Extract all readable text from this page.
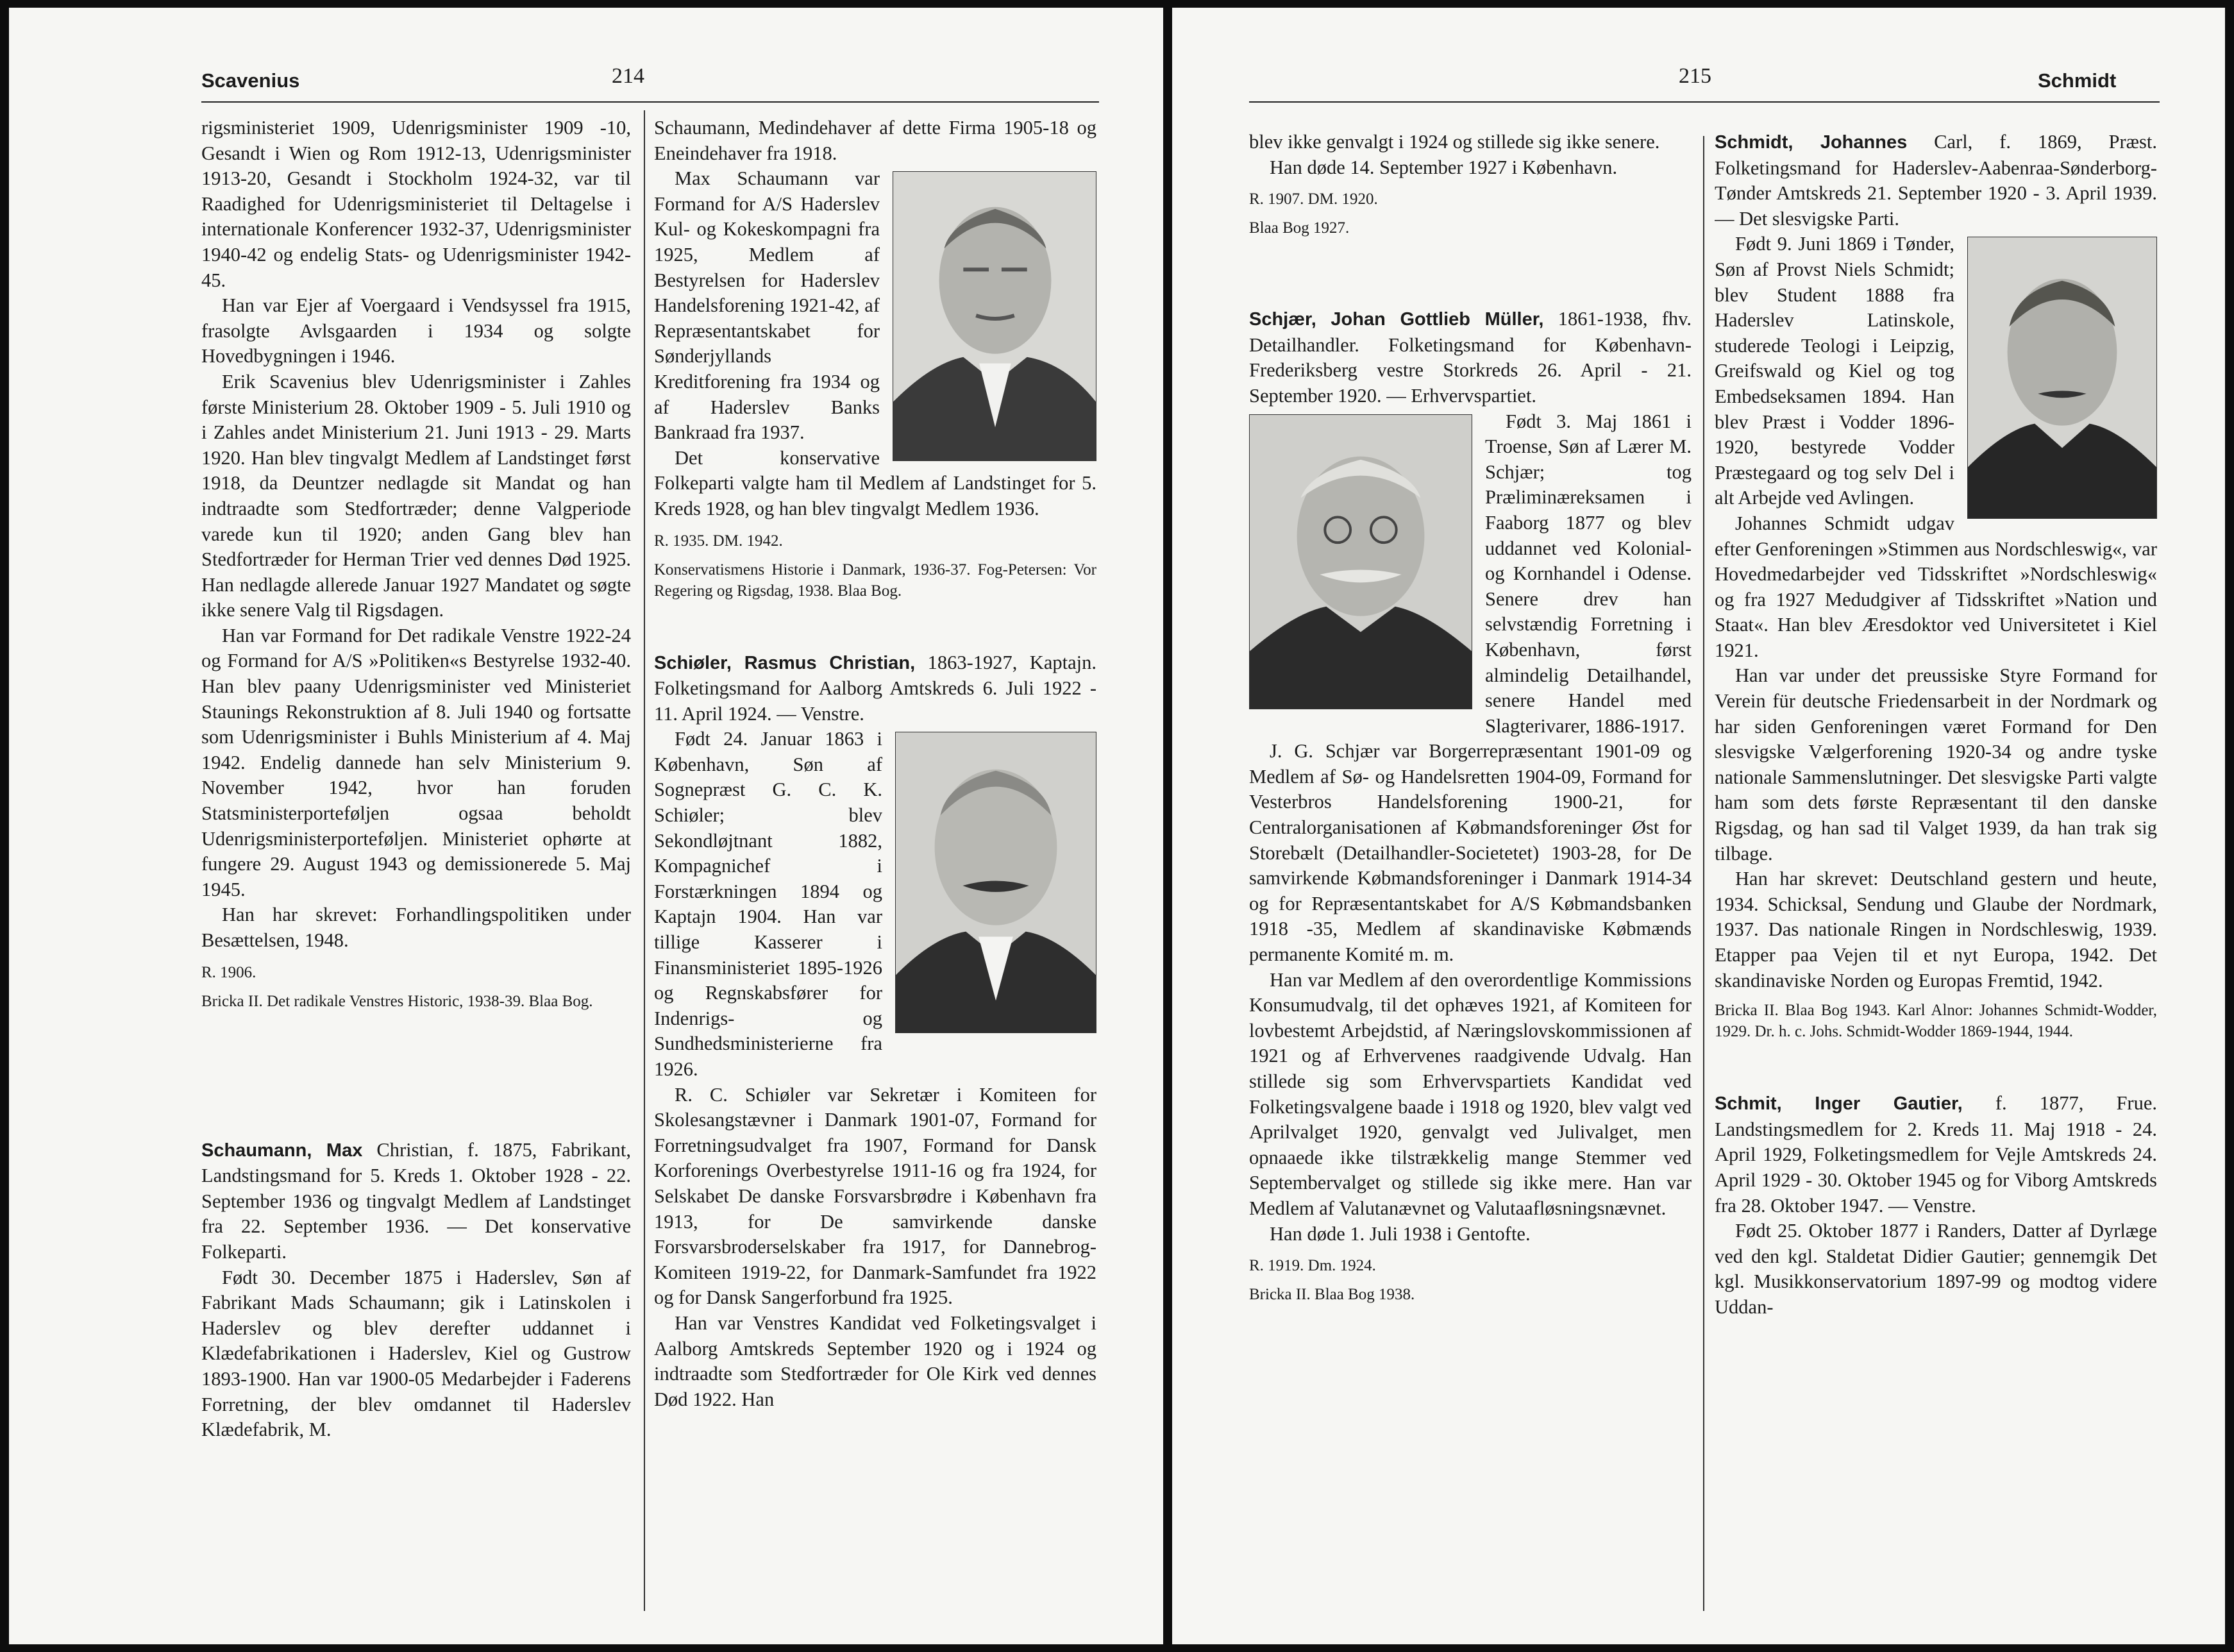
Scavenius	214

rigsministeriet 1909, Udenrigsminister 1909 -10, Gesandt i Wien og Rom 1912-13, Udenrigsminister 1913-20, Gesandt i Stockholm 1924-32, var til Raadighed for Udenrigsministeriet til Deltagelse i internationale Konferencer 1932-37, Udenrigsminister 1940-42 og endelig Stats- og Udenrigsminister 1942-45.

Han var Ejer af Voergaard i Vendsyssel fra 1915, frasolgte Avlsgaarden i 1934 og solgte Hovedbygningen i 1946.

Erik Scavenius blev Udenrigsminister i Zahles første Ministerium 28. Oktober 1909 - 5. Juli 1910 og i Zahles andet Ministerium 21. Juni 1913 - 29. Marts 1920. Han blev tingvalgt Medlem af Landstinget først 1918, da Deuntzer nedlagde sit Mandat og han indtraadte som Stedfortræder; denne Valgperiode varede kun til 1920; anden Gang blev han Stedfortræder for Herman Trier ved dennes Død 1925. Han nedlagde allerede Januar 1927 Mandatet og søgte ikke senere Valg til Rigsdagen.

Han var Formand for Det radikale Venstre 1922-24 og Formand for A/S »Politiken«s Bestyrelse 1932-40. Han blev paany Udenrigsminister ved Ministeriet Staunings Rekonstruktion af 8. Juli 1940 og fortsatte som Udenrigsminister i Buhls Ministerium af 4. Maj 1942. Endelig dannede han selv Ministerium 9. November 1942, hvor han foruden Statsministerporteføljen ogsaa beholdt Udenrigsministerporteføljen. Ministeriet ophørte at fungere 29. August 1943 og demissionerede 5. Maj 1945.

Han har skrevet: Forhandlingspolitiken under Besættelsen, 1948.

R. 1906.

Bricka II. Det radikale Venstres Historic, 1938-39. Blaa Bog.

Schaumann, Max Christian, f. 1875, Fabrikant, Landstingsmand for 5. Kreds 1. Oktober 1928 - 22. September 1936 og tingvalgt Medlem af Landstinget fra 22. September 1936. — Det konservative Folkeparti.

Født 30. December 1875 i Haderslev, Søn af Fabrikant Mads Schaumann; gik i Latinskolen i Haderslev og blev derefter uddannet i Klædefabrikationen i Haderslev, Kiel og Gustrow 1893-1900. Han var 1900-05 Medarbejder i Faderens Forretning, der blev omdannet til Haderslev Klædefabrik, M.

Schaumann, Medindehaver af dette Firma 1905-18 og Eneindehaver fra 1918.

Max Schaumann var Formand for A/S Haderslev Kul- og Kokeskompagni fra 1925, Medlem af Bestyrelsen for Haderslev Handelsforening 1921-42, af Repræsentantskabet for Sønderjyllands Kreditforening fra 1934 og af Haderslev Banks Bankraad fra 1937.

Det konservative Folkeparti valgte ham til Medlem af Landstinget for 5. Kreds 1928, og han blev tingvalgt Medlem 1936.

R. 1935. DM. 1942.

Konservatismens Historie i Danmark, 1936-37. Fog-Petersen: Vor Regering og Rigsdag, 1938. Blaa Bog.

Schiøler, Rasmus Christian, 1863-1927, Kaptajn. Folketingsmand for Aalborg Amtskreds 6. Juli 1922 - 11. April 1924. — Venstre.

Født 24. Januar 1863 i København, Søn af Sognepræst G. C. K. Schiøler; blev Sekondløjtnant 1882, Kompagnichef i Forstærkningen 1894 og Kaptajn 1904. Han var tillige Kasserer i Finansministeriet 1895-1926 og Regnskabsfører for Indenrigs- og Sundhedsministerierne fra 1926.

R. C. Schiøler var Sekretær i Komiteen for Skolesangstævner i Danmark 1901-07, Formand for Forretningsudvalget fra 1907, Formand for Dansk Korforenings Overbestyrelse 1911-16 og fra 1924, for Selskabet De danske Forsvarsbrødre i København fra 1913, for De samvirkende danske Forsvarsbroderselskaber fra 1917, for Dannebrog-Komiteen 1919-22, for Danmark-Samfundet fra 1922 og for Dansk Sangerforbund fra 1925.

Han var Venstres Kandidat ved Folketingsvalget i Aalborg Amtskreds September 1920 og i 1924 og indtraadte som Stedfortræder for Ole Kirk ved dennes Død 1922. Han

215	Schmidt

blev ikke genvalgt i 1924 og stillede sig ikke senere.

Han døde 14. September 1927 i København.

R. 1907. DM. 1920.

Blaa Bog 1927.

Schjær, Johan Gottlieb Müller, 1861-1938, fhv. Detailhandler. Folketingsmand for København-Frederiksberg vestre Storkreds 26. April - 21. September 1920. — Erhvervspartiet.

Født 3. Maj 1861 i Troense, Søn af Lærer M. Schjær; tog Præliminæreksamen i Faaborg 1877 og blev uddannet ved Kolonial- og Kornhandel i Odense. Senere drev han selvstændig Forretning i København, først almindelig Detailhandel, senere Handel med Slagterivarer, 1886-1917.

J. G. Schjær var Borgerrepræsentant 1901-09 og Medlem af Sø- og Handelsretten 1904-09, Formand for Vesterbros Handelsforening 1900-21, for Centralorganisationen af Købmandsforeninger Øst for Storebælt (Detailhandler-Societetet) 1903-28, for De samvirkende Købmandsforeninger i Danmark 1914-34 og for Repræsentantskabet for A/S Købmandsbanken 1918 -35, Medlem af skandinaviske Købmænds permanente Komité m. m.

Han var Medlem af den overordentlige Kommissions Konsumudvalg, til det ophæves 1921, af Komiteen for lovbestemt Arbejdstid, af Næringslovskommissionen af 1921 og af Erhvervenes raadgivende Udvalg. Han stillede sig som Erhvervspartiets Kandidat ved Folketingsvalgene baade i 1918 og 1920, blev valgt ved Aprilvalget 1920, genvalgt ved Julivalget, men opnaaede ikke tilstrækkelig mange Stemmer ved Septembervalget og stillede sig ikke mere. Han var Medlem af Valutanævnet og Valutaafløsningsnævnet.

Han døde 1. Juli 1938 i Gentofte.

R. 1919. Dm. 1924.

Bricka II. Blaa Bog 1938.

Schmidt, Johannes Carl, f. 1869, Præst. Folketingsmand for Haderslev-Aabenraa-Sønderborg-Tønder Amtskreds 21. September 1920 - 3. April 1939. — Det slesvigske Parti.

Født 9. Juni 1869 i Tønder, Søn af Provst Niels Schmidt; blev Student 1888 fra Haderslev Latinskole, studerede Teologi i Leipzig, Greifswald og Kiel og tog Embedseksamen 1894. Han blev Præst i Vodder 1896-1920, bestyrede Vodder Præstegaard og tog selv Del i alt Arbejde ved Avlingen.

Johannes Schmidt udgav efter Genforeningen »Stimmen aus Nordschleswig«, var Hovedmedarbejder ved Tidsskriftet »Nordschleswig« og fra 1927 Medudgiver af Tidsskriftet »Nation und Staat«. Han blev Æresdoktor ved Universitetet i Kiel 1921.

Han var under det preussiske Styre Formand for Verein für deutsche Friedensarbeit in der Nordmark og har siden Genforeningen været Formand for Den slesvigske Vælgerforening 1920-34 og andre tyske nationale Sammenslutninger. Det slesvigske Parti valgte ham som dets første Repræsentant til den danske Rigsdag, og han sad til Valget 1939, da han trak sig tilbage.

Han har skrevet: Deutschland gestern und heute, 1934. Schicksal, Sendung und Glaube der Nordmark, 1937. Das nationale Ringen in Nordschleswig, 1939. Etapper paa Vejen til et nyt Europa, 1942. Det skandinaviske Norden og Europas Fremtid, 1942.

Bricka II. Blaa Bog 1943. Karl Alnor: Johannes Schmidt-Wodder, 1929. Dr. h. c. Johs. Schmidt-Wodder 1869-1944, 1944.

Schmit, Inger Gautier, f. 1877, Frue. Landstingsmedlem for 2. Kreds 11. Maj 1918 - 24. April 1929, Folketingsmedlem for Vejle Amtskreds 24. April 1929 - 30. Oktober 1945 og for Viborg Amtskreds fra 28. Oktober 1947. — Venstre.

Født 25. Oktober 1877 i Randers, Datter af Dyrlæge ved den kgl. Staldetat Didier Gautier; gennemgik Det kgl. Musikkonservatorium 1897-99 og modtog videre Uddan-
